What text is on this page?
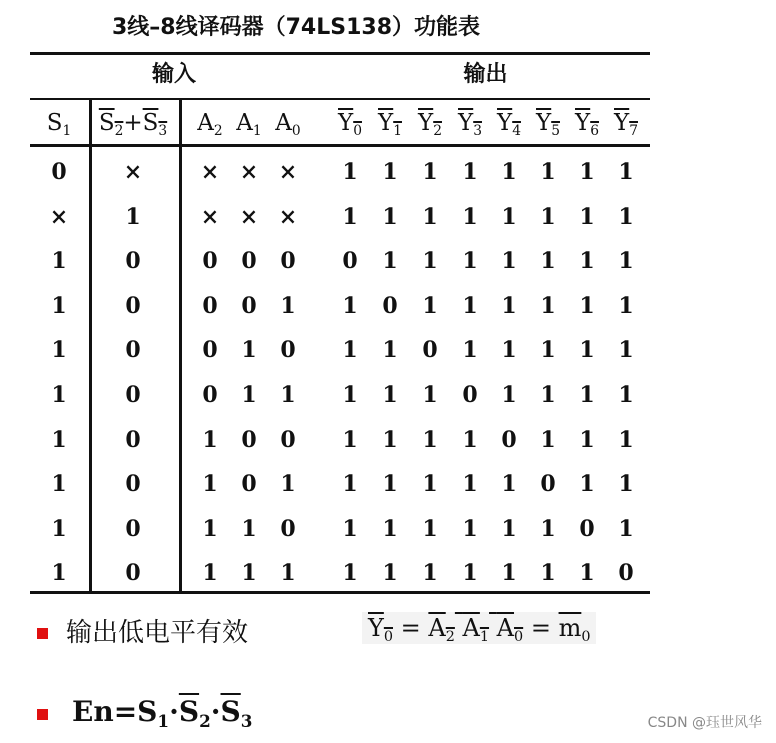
3线–8线译码器（74LS138）功能表
输入	输出
$S_1$	$S_2+S_3$	$A_2$ $A_1$ $A_0$	$Y_0$ $Y_1$ $Y_2$ $Y_3$ $Y_4$ $Y_5$ $Y_6$ $Y_7$
0	×	× × ×	1	1	1	1	1	1	1	1
×	1	× × ×	1	1	1	1	1	1	1	1
1	0	0	0	0	0	1	1	1	1	1	1	1
1	0	0	0	1	1	0	1	1	1	1	1	1
1	0	0	1	0	1	1	0	1	1	1	1	1
1	0	0	1	1	1	1	1	0	1	1	1	1
1	0	1	0	0	1	1	1	1	0	1	1	1
1	0	1	0	1	1	1	1	1	1	0	1	1
1	0	1	1	0	1	1	1	1	1	1	0	1
1	0	1	1	1	1	1	1	1	1	1	1	0
输出低电平有效	$Y_0 = A_2$ $A_1$ $A_0 = \overline{m}_0$
$En=S_1\cdot\overline{S}_2\cdot\overline{S}_3$	CSDN @珏世风华
